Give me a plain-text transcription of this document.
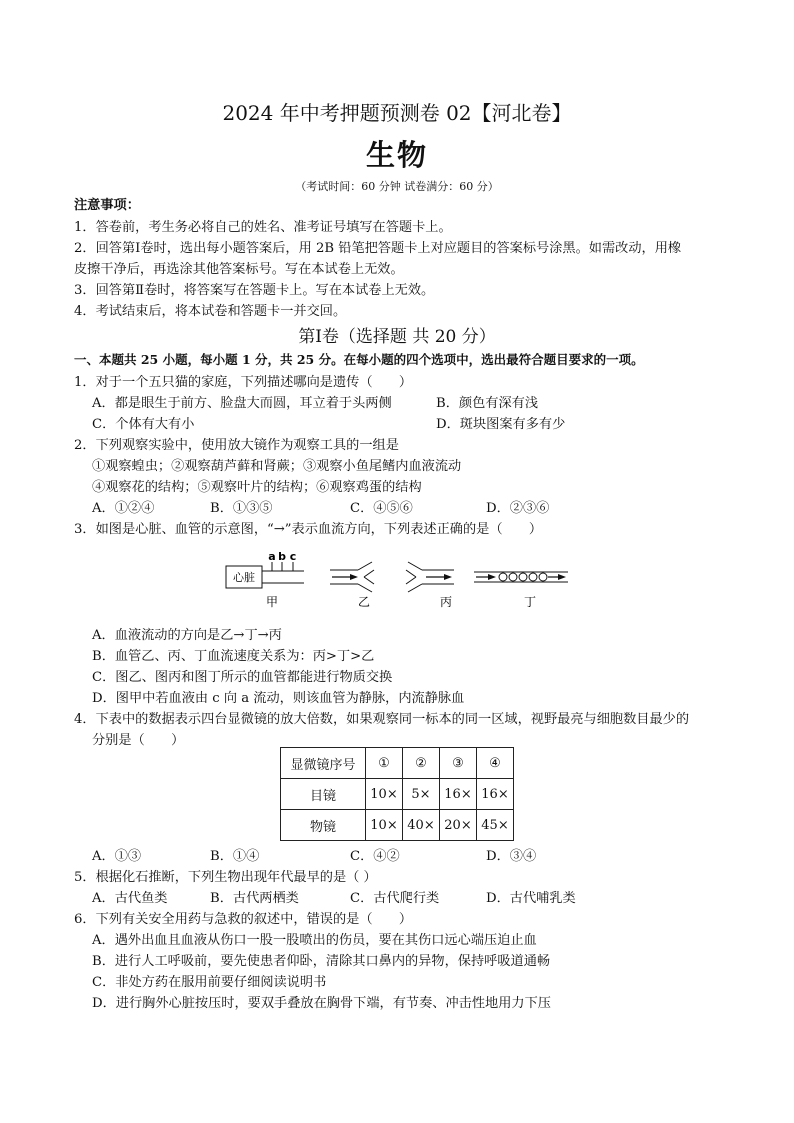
2024 年中考押题预测卷 02【河北卷】
生物
（考试时间：60 分钟 试卷满分：60 分）
注意事项：
1．答卷前，考生务必将自己的姓名、准考证号填写在答题卡上。
2．回答第Ⅰ卷时，选出每小题答案后，用 2B 铅笔把答题卡上对应题目的答案标号涂黑。如需改动，用橡
皮擦干净后，再选涂其他答案标号。写在本试卷上无效。
3．回答第Ⅱ卷时，将答案写在答题卡上。写在本试卷上无效。
4．考试结束后，将本试卷和答题卡一并交回。
第Ⅰ卷（选择题 共 20 分）
一、本题共 25 小题，每小题 1 分，共 25 分。在每小题的四个选项中，选出最符合题目要求的一项。
1．对于一个五只猫的家庭，下列描述哪向是遗传（　　）
A．都是眼生于前方、脸盘大而圆，耳立着于头两侧	B．颜色有深有浅
C．个体有大有小	D．斑块图案有多有少
2．下列观察实验中，使用放大镜作为观察工具的一组是
①观察蝗虫；②观察葫芦藓和肾蕨；③观察小鱼尾鳍内血液流动
④观察花的结构；⑤观察叶片的结构；⑥观察鸡蛋的结构
A．①②④	B．①③⑤	C．④⑤⑥	D．②③⑥
3．如图是心脏、血管的示意图，“→”表示血流方向，下列表述正确的是（　　）
心脏
a b c
甲	乙	丙	丁
A．血液流动的方向是乙→丁→丙
B．血管乙、丙、丁血流速度关系为：丙>丁>乙
C．图乙、图丙和图丁所示的血管都能进行物质交换
D．图甲中若血液由 c 向 a 流动，则该血管为静脉，内流静脉血
4．下表中的数据表示四台显微镜的放大倍数，如果观察同一标本的同一区域，视野最亮与细胞数目最少的
分别是（　　）
显微镜序号	①	②	③	④
目镜	10×	5×	16×	16×
物镜	10×	40×	20×	45×
A．①③	B．①④	C．④②	D．③④
5．根据化石推断，下列生物出现年代最早的是（ ）
A．古代鱼类	B．古代两栖类	C．古代爬行类	D．古代哺乳类
6．下列有关安全用药与急救的叙述中，错误的是（　　）
A．遇外出血且血液从伤口一股一股喷出的伤员，要在其伤口远心端压迫止血
B．进行人工呼吸前，要先使患者仰卧，清除其口鼻内的异物，保持呼吸道通畅
C．非处方药在服用前要仔细阅读说明书
D．进行胸外心脏按压时，要双手叠放在胸骨下端，有节奏、冲击性地用力下压
